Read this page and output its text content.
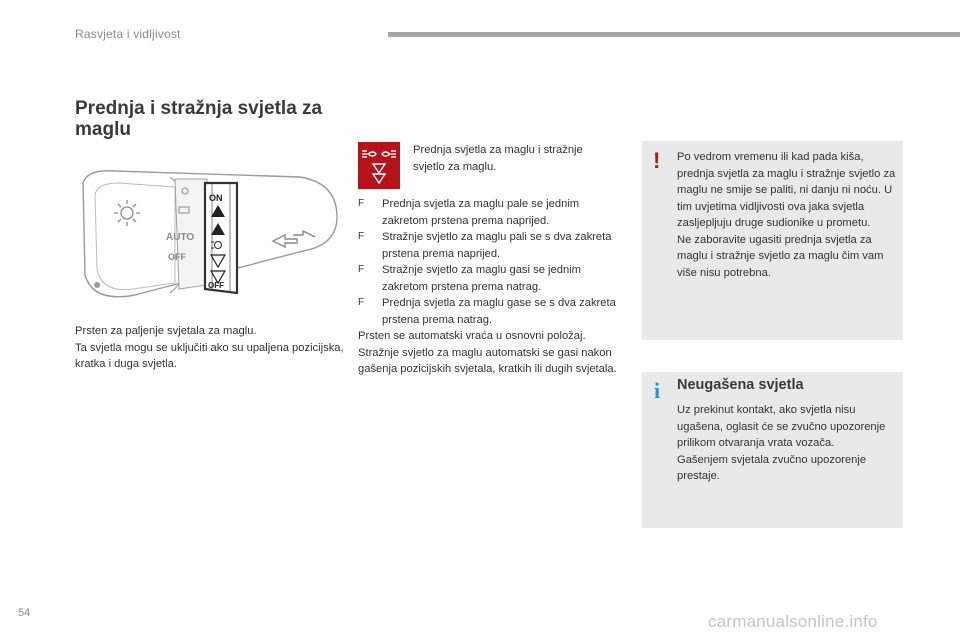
Rasvjeta i vidljivost
Prednja i stražnja svjetla za maglu
AUTO
OFF
ON
OFF

Prsten za paljenje svjetala za maglu.

Ta svjetla mogu se uključiti ako su upaljena pozicijska, kratka i duga svjetla.

Prednja svjetla za maglu i stražnje svjetlo za maglu.
F Prednja svjetla za maglu pale se jednim zakretom prstena prema naprijed.
F Stražnje svjetlo za maglu pali se s dva zakreta prstena prema naprijed.
F Stražnje svjetlo za maglu gasi se jednim zakretom prstena prema natrag.
F Prednja svjetla za maglu gase se s dva zakreta prstena prema natrag.

Prsten se automatski vraća u osnovni položaj.

Stražnje svjetlo za maglu automatski se gasi nakon gašenja pozicijskih svjetala, kratkih ili dugih svjetala.

! Po vedrom vremenu ili kad pada kiša, prednja svjetla za maglu i stražnje svjetlo za maglu ne smije se paliti, ni danju ni noću. U tim uvjetima vidljivosti ova jaka svjetla zasljepljuju druge sudionike u prometu.

Ne zaboravite ugasiti prednja svjetla za maglu i stražnje svjetlo za maglu čim vam više nisu potrebna.

i Neugašena svjetla

Uz prekinut kontakt, ako svjetla nisu ugašena, oglasit će se zvučno upozorenje prilikom otvaranja vrata vozača.

Gašenjem svjetala zvučno upozorenje prestaje.

54	carmanualsonline.info
